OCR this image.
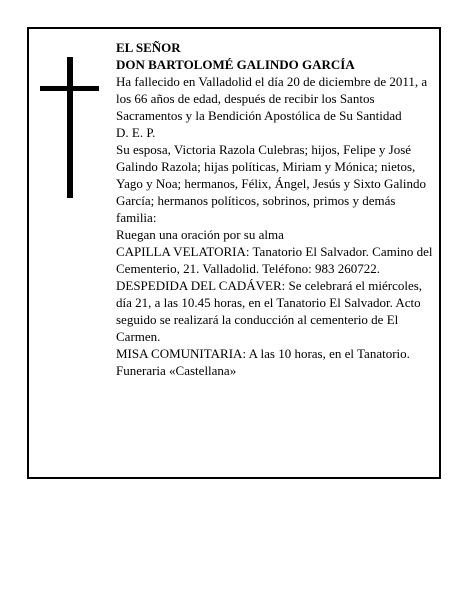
EL SEÑOR

DON BARTOLOMÉ GALINDO GARCÍA

Ha fallecido en Valladolid el día 20 de diciembre de 2011, a los 66 años de edad, después de recibir los Santos Sacramentos y la Bendición Apostólica de Su Santidad

D. E. P.

Su esposa, Victoria Razola Culebras; hijos, Felipe y José Galindo Razola; hijas políticas, Miriam y Mónica; nietos, Yago y Noa; hermanos, Félix, Ángel, Jesús y Sixto Galindo García; hermanos políticos, sobrinos, primos y demás familia:

Ruegan una oración por su alma

CAPILLA VELATORIA: Tanatorio El Salvador. Camino del Cementerio, 21. Valladolid. Teléfono: 983 260722.

DESPEDIDA DEL CADÁVER: Se celebrará el miércoles, día 21, a las 10.45 horas, en el Tanatorio El Salvador. Acto seguido se realizará la conducción al cementerio de El Carmen.

MISA COMUNITARIA: A las 10 horas, en el Tanatorio.

Funeraria «Castellana»
